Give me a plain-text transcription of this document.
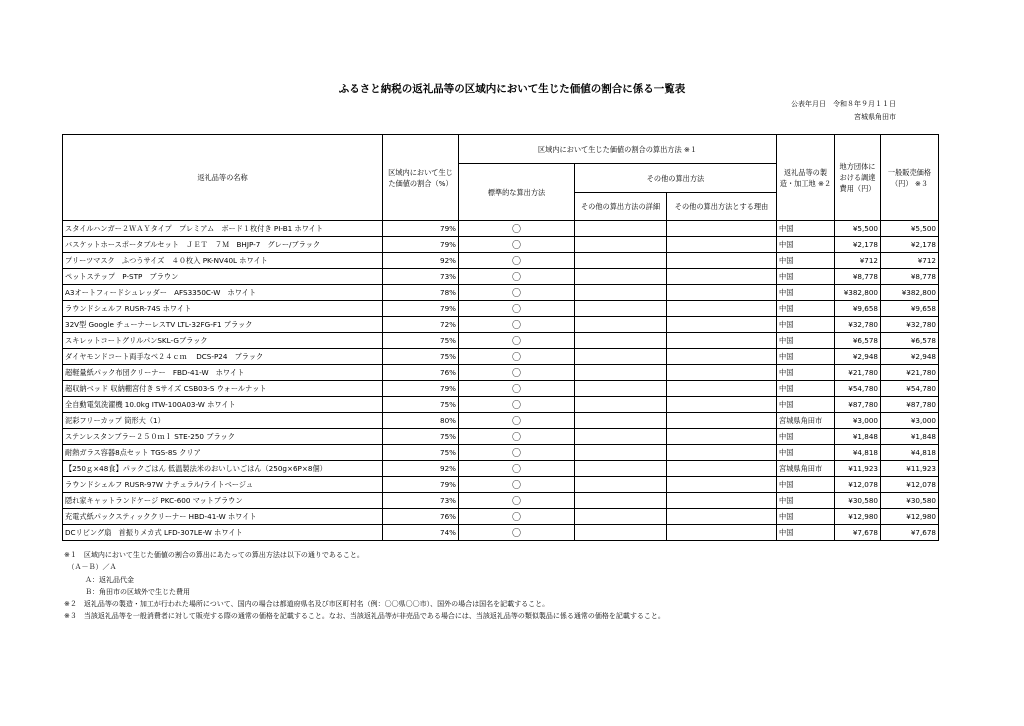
ふるさと納税の返礼品等の区域内において生じた価値の割合に係る一覧表
公表年月日　令和８年９月１１日
宮城県角田市
返礼品等の名称	区域内において生じた価値の割合（%）	区域内において生じた価値の割合の算出方法 ※１			返礼品等の製造・加工地 ※２	地方団体における調達費用（円）	一般販売価格（円） ※３
		標準的な算出方法	その他の算出方法				
			その他の算出方法の詳細	その他の算出方法とする理由			
スタイルハンガー２ＷＡＹタイプ　プレミアム　ボード１枚付き PI-B1 ホワイト	79%	〇			中国	¥5,500	¥5,500
バスケットホースポータブルセット　ＪＥＴ　７Ｍ　BHJP-7　グレー/ブラック	79%	〇			中国	¥2,178	¥2,178
プリーツマスク　ふつうサイズ　４０枚入 PK-NV40L ホワイト	92%	〇			中国	¥712	¥712
ペットステップ　P-STP　ブラウン	73%	〇			中国	¥8,778	¥8,778
A3オートフィードシュレッダー　AFS3350C-W　ホワイト	78%	〇			中国	¥382,800	¥382,800
ラウンドシェルフ RUSR-74S ホワイト	79%	〇			中国	¥9,658	¥9,658
32V型 Google チューナーレスTV LTL-32FG-F1 ブラック	72%	〇			中国	¥32,780	¥32,780
スキレットコートグリルパンSKL-Gブラック	75%	〇			中国	¥6,578	¥6,578
ダイヤモンドコート両手なべ２４ｃｍ　 DCS-P24　ブラック	75%	〇			中国	¥2,948	¥2,948
超軽量紙パック布団クリーナー　FBD-41-W　ホワイト	76%	〇			中国	¥21,780	¥21,780
超収納ベッド 収納棚宮付き Sサイズ CSB03-S ウォールナット	79%	〇			中国	¥54,780	¥54,780
全自動電気洗濯機 10.0kg ITW-100A03-W ホワイト	75%	〇			中国	¥87,780	¥87,780
泥彩フリーカップ 筒形大（1）	80%	〇			宮城県角田市	¥3,000	¥3,000
ステンレスタンブラー２５０ｍｌ STE-250 ブラック	75%	〇			中国	¥1,848	¥1,848
耐熱ガラス容器8点セット TGS-8S クリア	75%	〇			中国	¥4,818	¥4,818
【250ｇ×48食】パックごはん 低温製法米のおいしいごはん（250g×6P×8個）	92%	〇			宮城県角田市	¥11,923	¥11,923
ラウンドシェルフ RUSR-97W ナチュラル/ライトベージュ	79%	〇			中国	¥12,078	¥12,078
隠れ家キャットランドケージ PKC-600 マットブラウン	73%	〇			中国	¥30,580	¥30,580
充電式紙パックスティッククリーナー HBD-41-W ホワイト	76%	〇			中国	¥12,980	¥12,980
DCリビング扇　首振りメカ式 LFD-307LE-W ホワイト	74%	〇			中国	¥7,678	¥7,678
※１　区域内において生じた価値の割合の算出にあたっての算出方法は以下の通りであること。
　（Ａ－Ｂ）／Ａ
　　　Ａ：返礼品代金
　　　Ｂ：角田市の区域外で生じた費用
※２　返礼品等の製造・加工が行われた場所について、国内の場合は都道府県名及び市区町村名（例：〇〇県〇〇市）、国外の場合は国名を記載すること。
※３　当該返礼品等を一般消費者に対して販売する際の通常の価格を記載すること。なお、当該返礼品等が非売品である場合には、当該返礼品等の類似製品に係る通常の価格を記載すること。
